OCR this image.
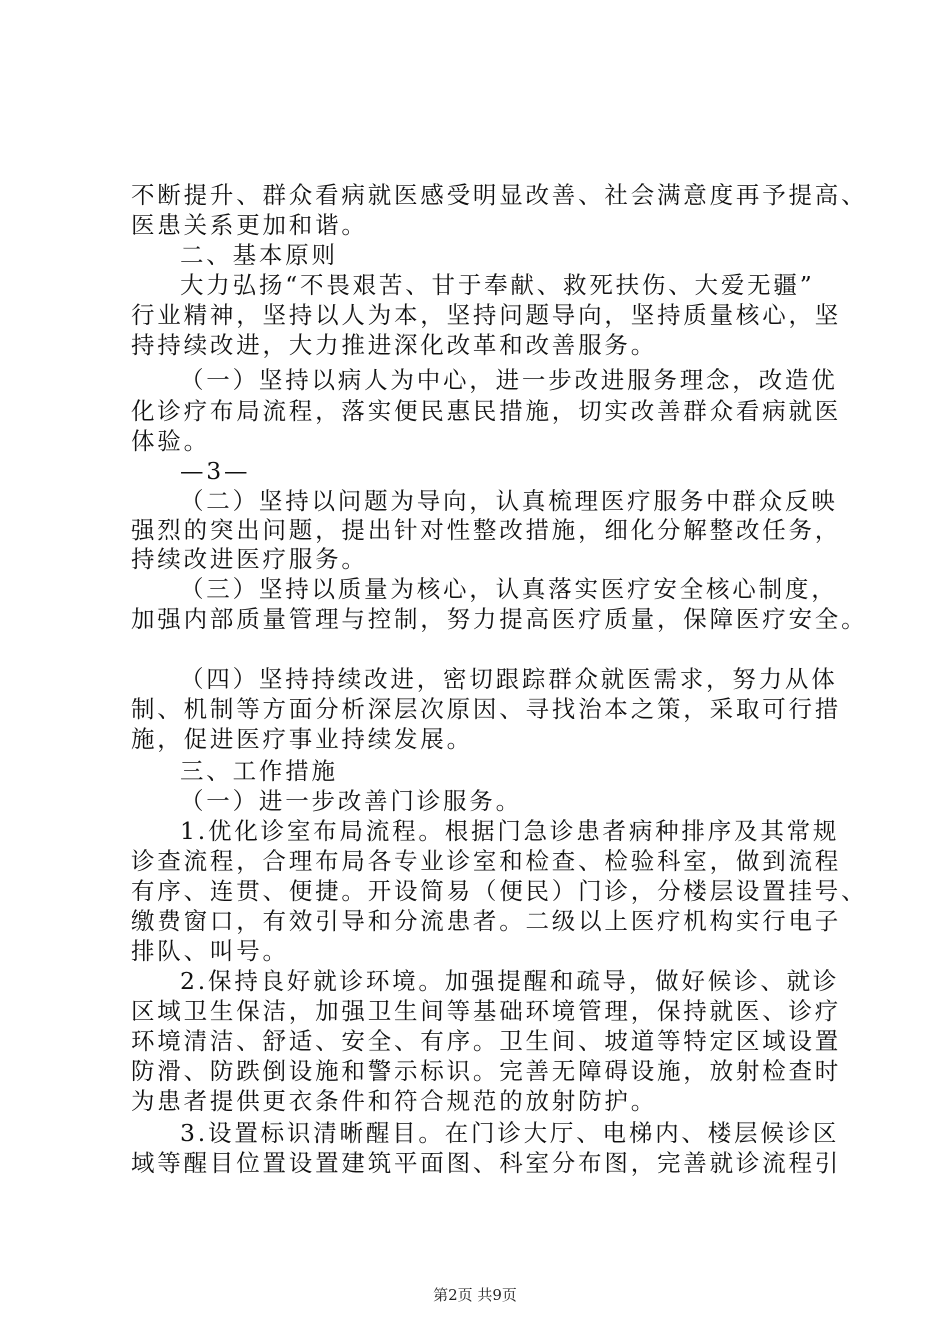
不断提升、群众看病就医感受明显改善、社会满意度再予提高、
医患关系更加和谐。
二、基本原则
大力弘扬“不畏艰苦、甘于奉献、救死扶伤、大爱无疆”
行业精神，坚持以人为本，坚持问题导向，坚持质量核心，坚
持持续改进，大力推进深化改革和改善服务。
（一）坚持以病人为中心，进一步改进服务理念，改造优
化诊疗布局流程，落实便民惠民措施，切实改善群众看病就医
体验。
—3—
（二）坚持以问题为导向，认真梳理医疗服务中群众反映
强烈的突出问题，提出针对性整改措施，细化分解整改任务，
持续改进医疗服务。
（三）坚持以质量为核心，认真落实医疗安全核心制度，
加强内部质量管理与控制，努力提高医疗质量，保障医疗安全。
（四）坚持持续改进，密切跟踪群众就医需求，努力从体
制、机制等方面分析深层次原因、寻找治本之策，采取可行措
施，促进医疗事业持续发展。
三、工作措施
（一）进一步改善门诊服务。
1.优化诊室布局流程。根据门急诊患者病种排序及其常规
诊查流程，合理布局各专业诊室和检查、检验科室，做到流程
有序、连贯、便捷。开设简易（便民）门诊，分楼层设置挂号、
缴费窗口，有效引导和分流患者。二级以上医疗机构实行电子
排队、叫号。
2.保持良好就诊环境。加强提醒和疏导，做好候诊、就诊
区域卫生保洁，加强卫生间等基础环境管理，保持就医、诊疗
环境清洁、舒适、安全、有序。卫生间、坡道等特定区域设置
防滑、防跌倒设施和警示标识。完善无障碍设施，放射检查时
为患者提供更衣条件和符合规范的放射防护。
3.设置标识清晰醒目。在门诊大厅、电梯内、楼层候诊区
域等醒目位置设置建筑平面图、科室分布图，完善就诊流程引
第2页 共9页
